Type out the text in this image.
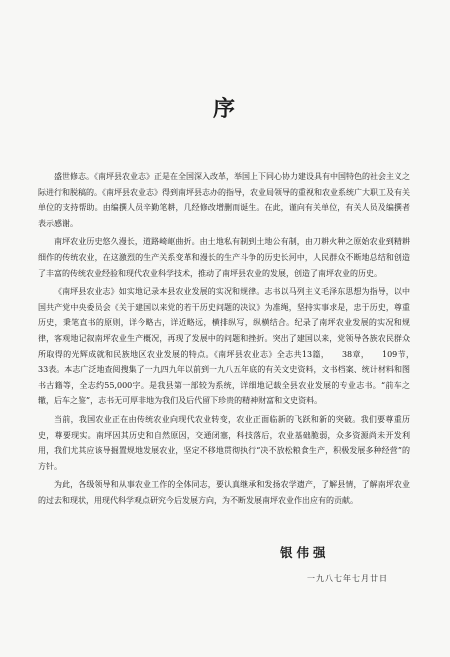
序

盛世修志。《南坪县农业志》正是在全国深入改革，举国上下同心协力建设具有中国特色的社会主义之际进行和脱稿的。《南坪县农业志》得到南坪县志办的指导，农业局领导的重视和农业系统广大职工及有关单位的支持帮助。由编撰人员辛勤笔耕，几经修改增删而诞生。在此，谨向有关单位，有关人员及编撰者表示感谢。

南坪农业历史悠久漫长，道路崎岖曲折。由土地私有制到土地公有制，由刀耕火种之原始农业到精耕细作的传统农业，在这激烈的生产关系变革和漫长的生产斗争的历史长河中，人民群众不断地总结和创造了丰富的传统农业经验和现代农业科学技术，推动了南坪县农业的发展，创造了南坪农业的历史。

《南坪县农业志》如实地记录本县农业发展的实况和规律。志书以马列主义毛泽东思想为指导，以中国共产党中央委员会《关于建国以来党的若干历史问题的决议》为准绳，坚持实事求是，忠于历史，尊重历史，秉笔直书的原则，详今略古，详近略远，横排纵写，纵横结合。纪录了南坪农业发展的实况和规律，客观地记叙南坪农业生产概况，再现了发展中的问题和挫折。突出了建国以来，党领导各族农民群众所取得的光辉成就和民族地区农业发展的特点。《南坪县农业志》全志共13篇，　　38章，　　109节，　　33表。本志广泛地查阅搜集了一九四九年以前到一九八五年底的有关文史资料，文书档案、统计材料和图书古籍等，全志约55,000字。是我县第一部较为系统，详细地记载全县农业发展的专业志书。“前车之辙，后车之鉴”，志书无可厚非地为我们及后代留下珍贵的精神财富和文史资料。

当前，我国农业正在由传统农业向现代农业转变，农业正面临新的飞跃和新的突破。我们要尊重历史，尊要现实。南坪因其历史和自然原因，交通闭塞，科技落后，农业基础脆弱，众多资源尚未开发利用，我们尤其应该导掘置规地发展农业，坚定不移地贯彻执行“决不放松粮食生产，积极发展多种经营”的方针。

为此，各级领导和从事农业工作的全体同志，要认真继承和发扬农学遗产，了解县情，了解南坪农业的过去和现状，用现代科学观点研究今后发展方向，为不断发展南坪农业作出应有的贡献。

银伟强
一九八七年七月廿日
